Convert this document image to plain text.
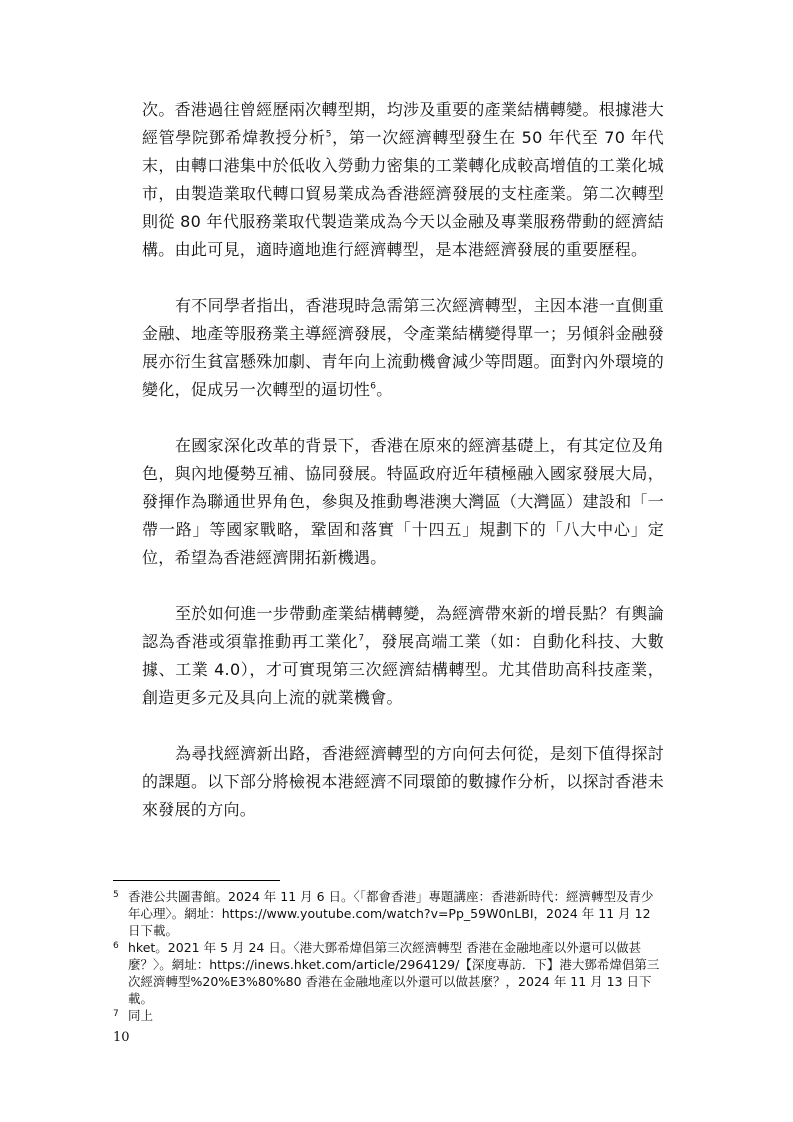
次。香港過往曾經歷兩次轉型期，均涉及重要的產業結構轉變。根據港大經管學院鄧希煒教授分析$^5$，第一次經濟轉型發生在 50 年代至 70 年代末，由轉口港集中於低收入勞動力密集的工業轉化成較高增值的工業化城市，由製造業取代轉口貿易業成為香港經濟發展的支柱產業。第二次轉型則從 80 年代服務業取代製造業成為今天以金融及專業服務帶動的經濟結構。由此可見，適時適地進行經濟轉型，是本港經濟發展的重要歷程。

有不同學者指出，香港現時急需第三次經濟轉型，主因本港一直側重金融、地產等服務業主導經濟發展，令產業結構變得單一；另傾斜金融發展亦衍生貧富懸殊加劇、青年向上流動機會減少等問題。面對內外環境的變化，促成另一次轉型的逼切性$^6$。

在國家深化改革的背景下，香港在原來的經濟基礎上，有其定位及角色，與內地優勢互補、協同發展。特區政府近年積極融入國家發展大局，發揮作為聯通世界角色，參與及推動粵港澳大灣區（大灣區）建設和「一帶一路」等國家戰略，鞏固和落實「十四五」規劃下的「八大中心」定位，希望為香港經濟開拓新機遇。

至於如何進一步帶動產業結構轉變，為經濟帶來新的增長點？有輿論認為香港或須靠推動再工業化$^7$，發展高端工業（如：自動化科技、大數據、工業 4.0），才可實現第三次經濟結構轉型。尤其借助高科技產業，創造更多元及具向上流的就業機會。

為尋找經濟新出路，香港經濟轉型的方向何去何從，是刻下值得探討的課題。以下部分將檢視本港經濟不同環節的數據作分析，以探討香港未來發展的方向。

5 香港公共圖書館。2024 年 11 月 6 日。〈「都會香港」專題講座：香港新時代：經濟轉型及青少年心理〉。網址：https://www.youtube.com/watch?v=Pp_59W0nLBI，2024 年 11 月 12 日下載。
6 hket。2021 年 5 月 24 日。〈港大鄧希煒倡第三次經濟轉型 香港在金融地產以外還可以做甚麼？〉。網址：https://inews.hket.com/article/2964129/【深度專訪．下】港大鄧希煒倡第三次經濟轉型%20%E3%80%80 香港在金融地產以外還可以做甚麼？，2024 年 11 月 13 日下載。
7 同上
10
